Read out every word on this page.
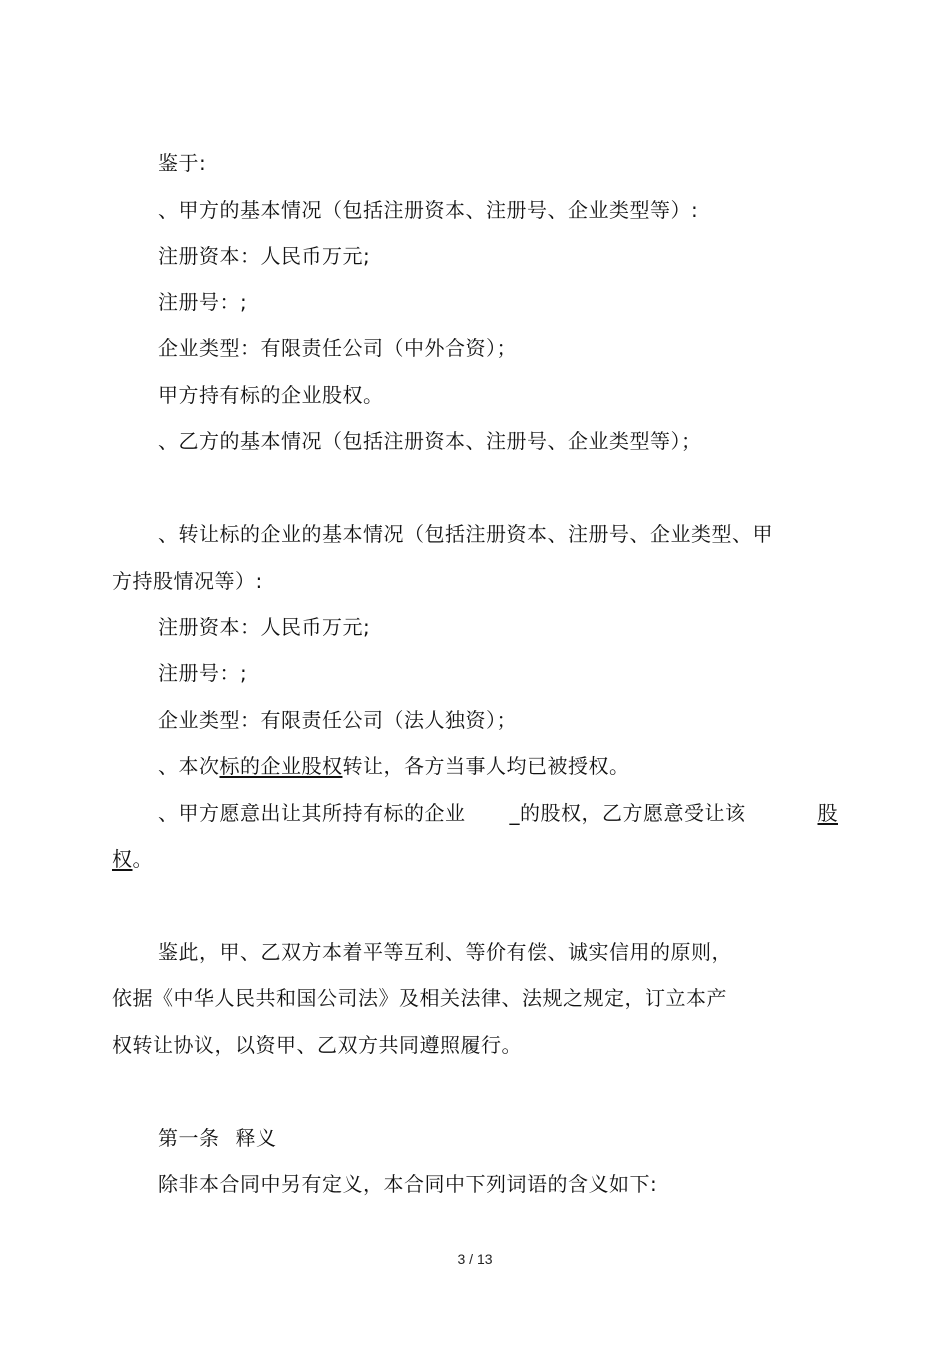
鉴于:
、甲方的基本情况（包括注册资本、注册号、企业类型等）:
注册资本：人民币万元;
注册号：;
企业类型：有限责任公司（中外合资）；
甲方持有标的企业股权。
、乙方的基本情况（包括注册资本、注册号、企业类型等）；
、转让标的企业的基本情况（包括注册资本、注册号、企业类型、甲
方持股情况等）:
注册资本：人民币万元;
注册号：;
企业类型：有限责任公司（法人独资）；
、本次标的企业股权转让，各方当事人均已被授权。
、甲方愿意出让其所持有标的企业 _的股权，乙方愿意受让该	股
权。
鉴此，甲、乙双方本着平等互利、等价有偿、诚实信用的原则，
依据《中华人民共和国公司法》及相关法律、法规之规定，订立本产
权转让协议，以资甲、乙双方共同遵照履行。
第一条 释义
除非本合同中另有定义，本合同中下列词语的含义如下:
3 / 13
